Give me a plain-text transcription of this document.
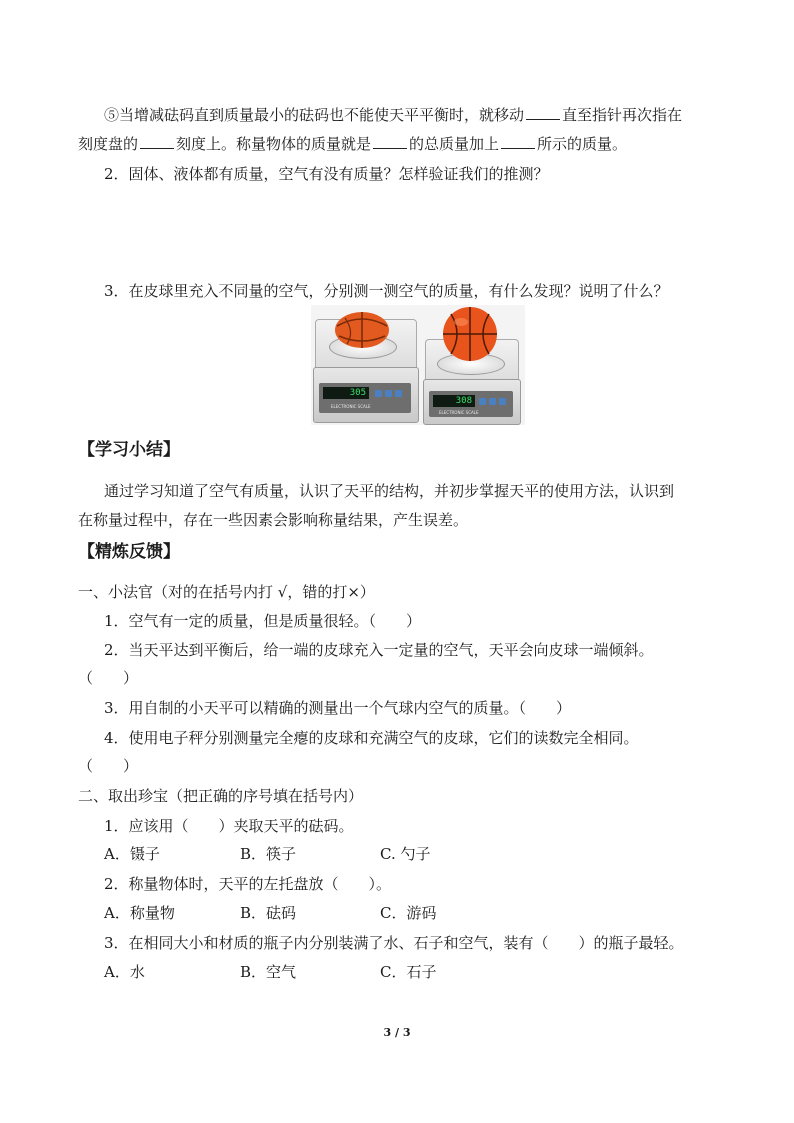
⑤当增减砝码直到质量最小的砝码也不能使天平平衡时，就移动	直至指针再次指在
刻度盘的	刻度上。称量物体的质量就是	的总质量加上	所示的质量。
2．固体、液体都有质量，空气有没有质量？怎样验证我们的推测？
3．在皮球里充入不同量的空气，分别测一测空气的质量，有什么发现？说明了什么？
305
ELECTRONIC SCALE
308
ELECTRONIC SCALE
【学习小结】
通过学习知道了空气有质量，认识了天平的结构，并初步掌握天平的使用方法，认识到
在称量过程中，存在一些因素会影响称量结果，产生误差。
【精炼反馈】
一、小法官（对的在括号内打 √，错的打×）
1．空气有一定的质量，但是质量很轻。（　　）
2．当天平达到平衡后，给一端的皮球充入一定量的空气，天平会向皮球一端倾斜。
（　　）
3．用自制的小天平可以精确的测量出一个气球内空气的质量。（　　）
4．使用电子秤分别测量完全瘪的皮球和充满空气的皮球，它们的读数完全相同。
（　　）
二、取出珍宝（把正确的序号填在括号内）
1．应该用（　　）夹取天平的砝码。
A．镊子	B．筷子	C. 勺子
2．称量物体时，天平的左托盘放（　　）。
A．称量物	B．砝码	C．游码
3．在相同大小和材质的瓶子内分别装满了水、石子和空气，装有（　　）的瓶子最轻。
A．水	B．空气	C．石子
3 / 3
